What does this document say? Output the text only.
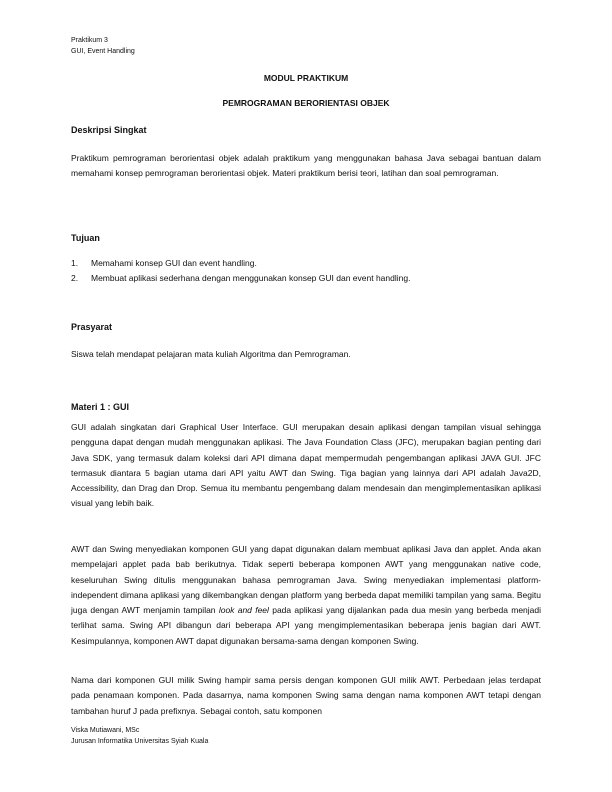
Praktikum 3
GUI, Event Handling
MODUL PRAKTIKUM
PEMROGRAMAN BERORIENTASI OBJEK
Deskripsi Singkat

Praktikum pemrograman berorientasi objek adalah praktikum yang menggunakan bahasa Java sebagai bantuan dalam memahami konsep pemrograman berorientasi objek. Materi praktikum berisi teori, latihan dan soal pemrograman.

Tujuan
1.	Memahami konsep GUI dan event handling.
2.	Membuat aplikasi sederhana dengan menggunakan konsep GUI dan event handling.
Prasyarat

Siswa telah mendapat pelajaran mata kuliah Algoritma dan Pemrograman.

Materi 1 : GUI

GUI adalah singkatan dari Graphical User Interface. GUI merupakan desain aplikasi dengan tampilan visual sehingga pengguna dapat dengan mudah menggunakan aplikasi. The Java Foundation Class (JFC), merupakan bagian penting dari Java SDK, yang termasuk dalam koleksi dari API dimana dapat mempermudah pengembangan aplikasi JAVA GUI. JFC termasuk diantara 5 bagian utama dari API yaitu AWT dan Swing. Tiga bagian yang lainnya dari API adalah Java2D, Accessibility, dan Drag dan Drop. Semua itu membantu pengembang dalam mendesain dan mengimplementasikan aplikasi visual yang lebih baik.

AWT dan Swing menyediakan komponen GUI yang dapat digunakan dalam membuat aplikasi Java dan applet. Anda akan mempelajari applet pada bab berikutnya. Tidak seperti beberapa komponen AWT yang menggunakan native code, keseluruhan Swing ditulis menggunakan bahasa pemrograman Java. Swing menyediakan implementasi platform-independent dimana aplikasi yang dikembangkan dengan platform yang berbeda dapat memiliki tampilan yang sama. Begitu juga dengan AWT menjamin tampilan look and feel pada aplikasi yang dijalankan pada dua mesin yang berbeda menjadi terlihat sama. Swing API dibangun dari beberapa API yang mengimplementasikan beberapa jenis bagian dari AWT. Kesimpulannya, komponen AWT dapat digunakan bersama-sama dengan komponen Swing.

Nama dari komponen GUI milik Swing hampir sama persis dengan komponen GUI milik AWT. Perbedaan jelas terdapat pada penamaan komponen. Pada dasarnya, nama komponen Swing sama dengan nama komponen AWT tetapi dengan tambahan huruf J pada prefixnya. Sebagai contoh, satu komponen

Viska Mutiawani, MSc
Jurusan Informatika Universitas Syiah Kuala
